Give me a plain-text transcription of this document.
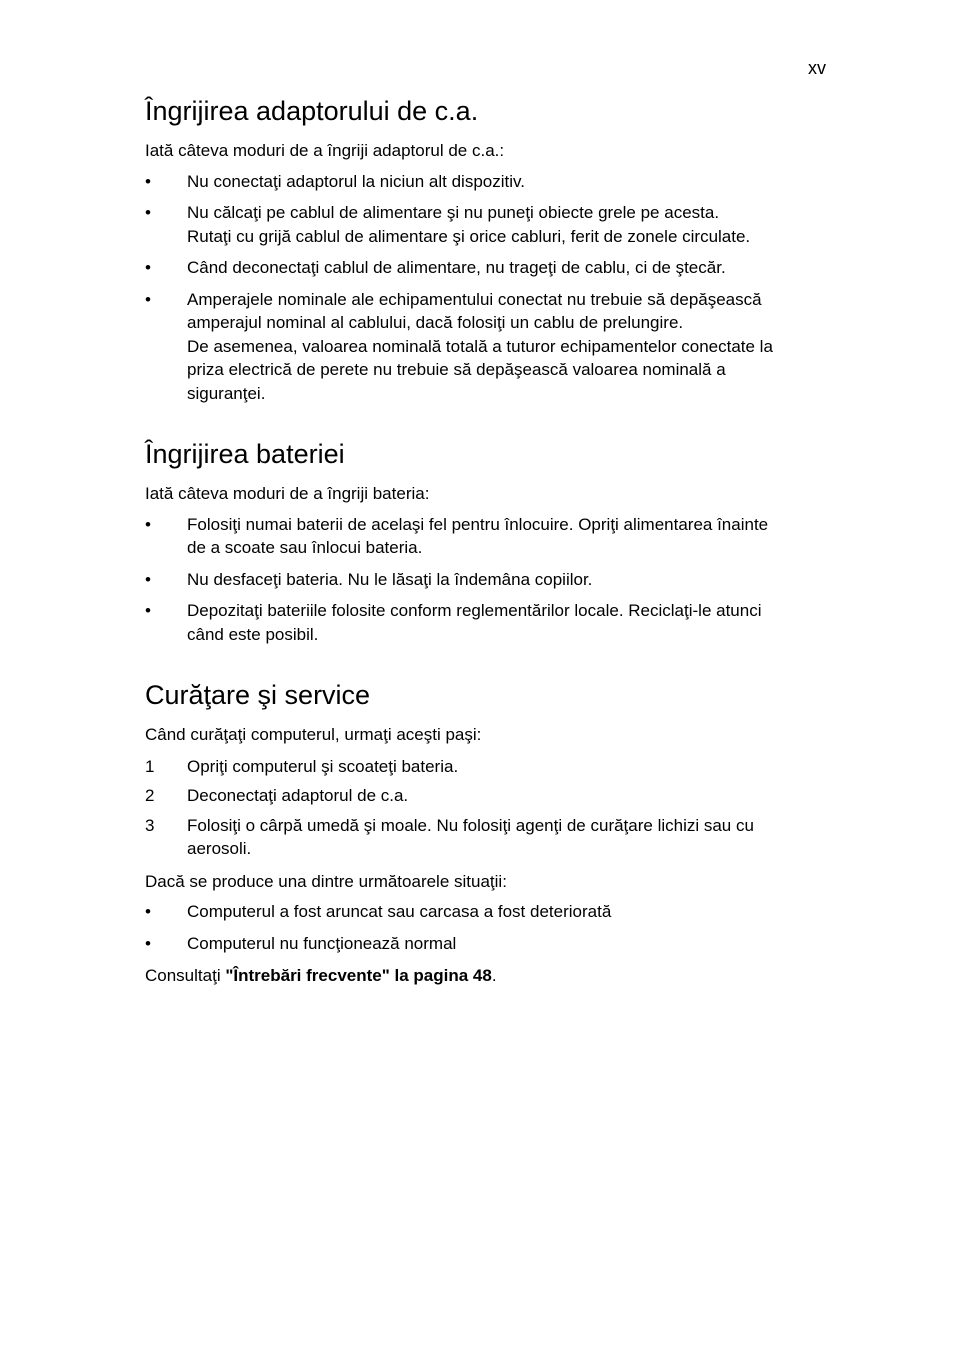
xv
Îngrijirea adaptorului de c.a.

Iată câteva moduri de a îngriji adaptorul de c.a.:

• Nu conectaţi adaptorul la niciun alt dispozitiv.
• Nu călcaţi pe cablul de alimentare şi nu puneţi obiecte grele pe acesta.
Rutaţi cu grijă cablul de alimentare şi orice cabluri, ferit de zonele circulate.
• Când deconectaţi cablul de alimentare, nu trageţi de cablu, ci de ştecăr.
• Amperajele nominale ale echipamentului conectat nu trebuie să depăşească
amperajul nominal al cablului, dacă folosiţi un cablu de prelungire.
De asemenea, valoarea nominală totală a tuturor echipamentelor conectate la
priza electrică de perete nu trebuie să depăşească valoarea nominală a
siguranţei.
Îngrijirea bateriei

Iată câteva moduri de a îngriji bateria:

• Folosiţi numai baterii de acelaşi fel pentru înlocuire. Opriţi alimentarea înainte
de a scoate sau înlocui bateria.
• Nu desfaceţi bateria. Nu le lăsaţi la îndemâna copiilor.
• Depozitaţi bateriile folosite conform reglementărilor locale. Reciclaţi-le atunci
când este posibil.
Curăţare şi service

Când curăţaţi computerul, urmaţi aceşti paşi:

1 Opriţi computerul şi scoateţi bateria.
2 Deconectaţi adaptorul de c.a.
3 Folosiţi o cârpă umedă şi moale. Nu folosiţi agenţi de curăţare lichizi sau cu
aerosoli.

Dacă se produce una dintre următoarele situaţii:

• Computerul a fost aruncat sau carcasa a fost deteriorată
• Computerul nu funcţionează normal

Consultaţi "Întrebări frecvente" la pagina 48.
